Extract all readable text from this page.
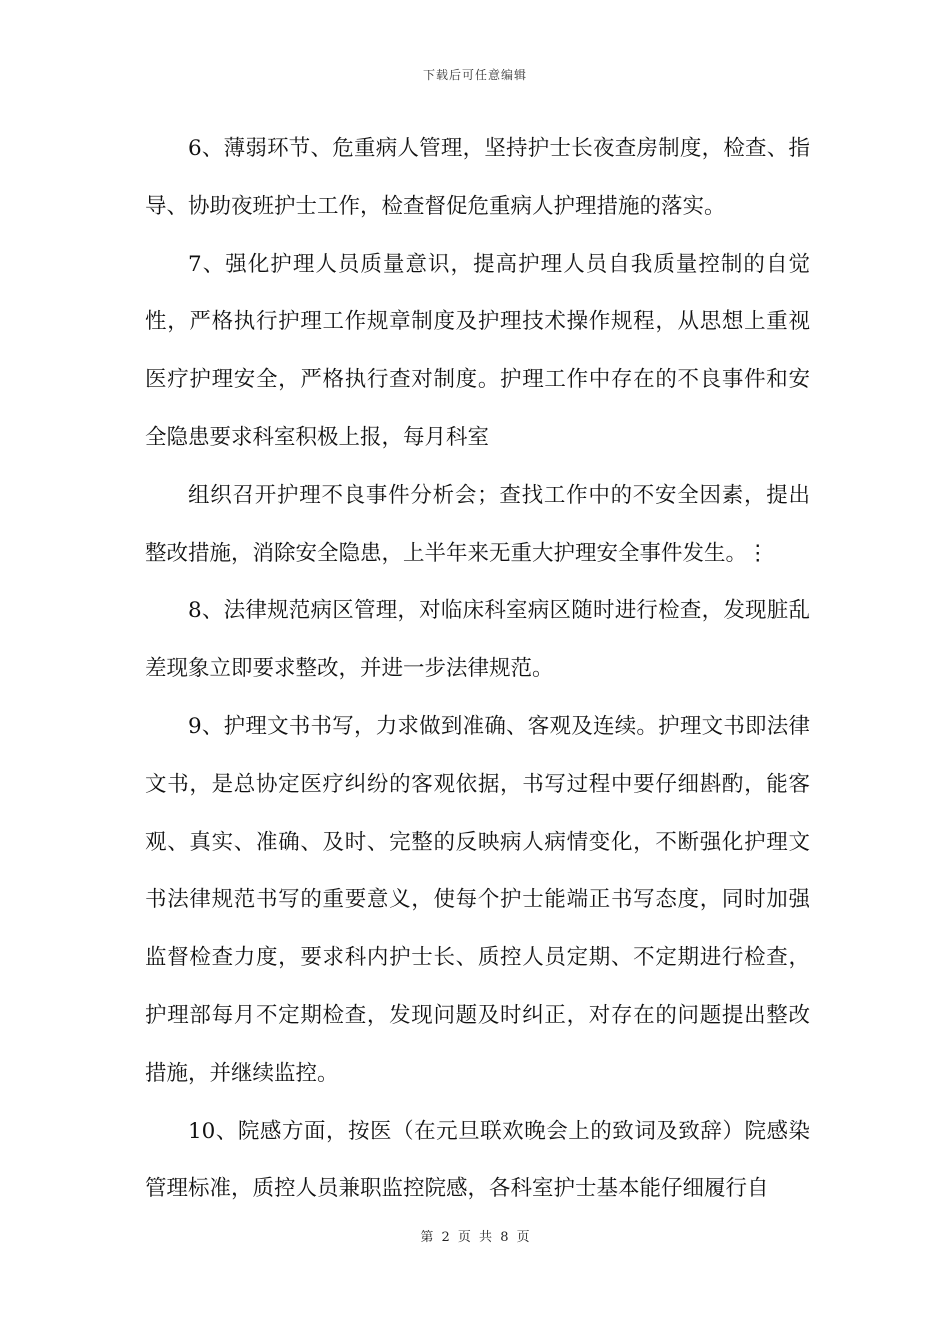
下载后可任意编辑

6、薄弱环节、危重病人管理，坚持护士长夜查房制度，检查、指导、协助夜班护士工作，检查督促危重病人护理措施的落实。

7、强化护理人员质量意识，提高护理人员自我质量控制的自觉性，严格执行护理工作规章制度及护理技术操作规程，从思想上重视医疗护理安全，严格执行查对制度。护理工作中存在的不良事件和安全隐患要求科室积极上报，每月科室

组织召开护理不良事件分析会；查找工作中的不安全因素，提出整改措施，消除安全隐患，上半年来无重大护理安全事件发生。⋮

8、法律规范病区管理，对临床科室病区随时进行检查，发现脏乱差现象立即要求整改，并进一步法律规范。

9、护理文书书写，力求做到准确、客观及连续。护理文书即法律文书，是总协定医疗纠纷的客观依据，书写过程中要仔细斟酌，能客观、真实、准确、及时、完整的反映病人病情变化，不断强化护理文书法律规范书写的重要意义，使每个护士能端正书写态度，同时加强监督检查力度，要求科内护士长、质控人员定期、不定期进行检查，护理部每月不定期检查，发现问题及时纠正，对存在的问题提出整改措施，并继续监控。

10、院感方面，按医（在元旦联欢晚会上的致词及致辞）院感染管理标准，质控人员兼职监控院感，各科室护士基本能仔细履行自

第 2 页 共 8 页
